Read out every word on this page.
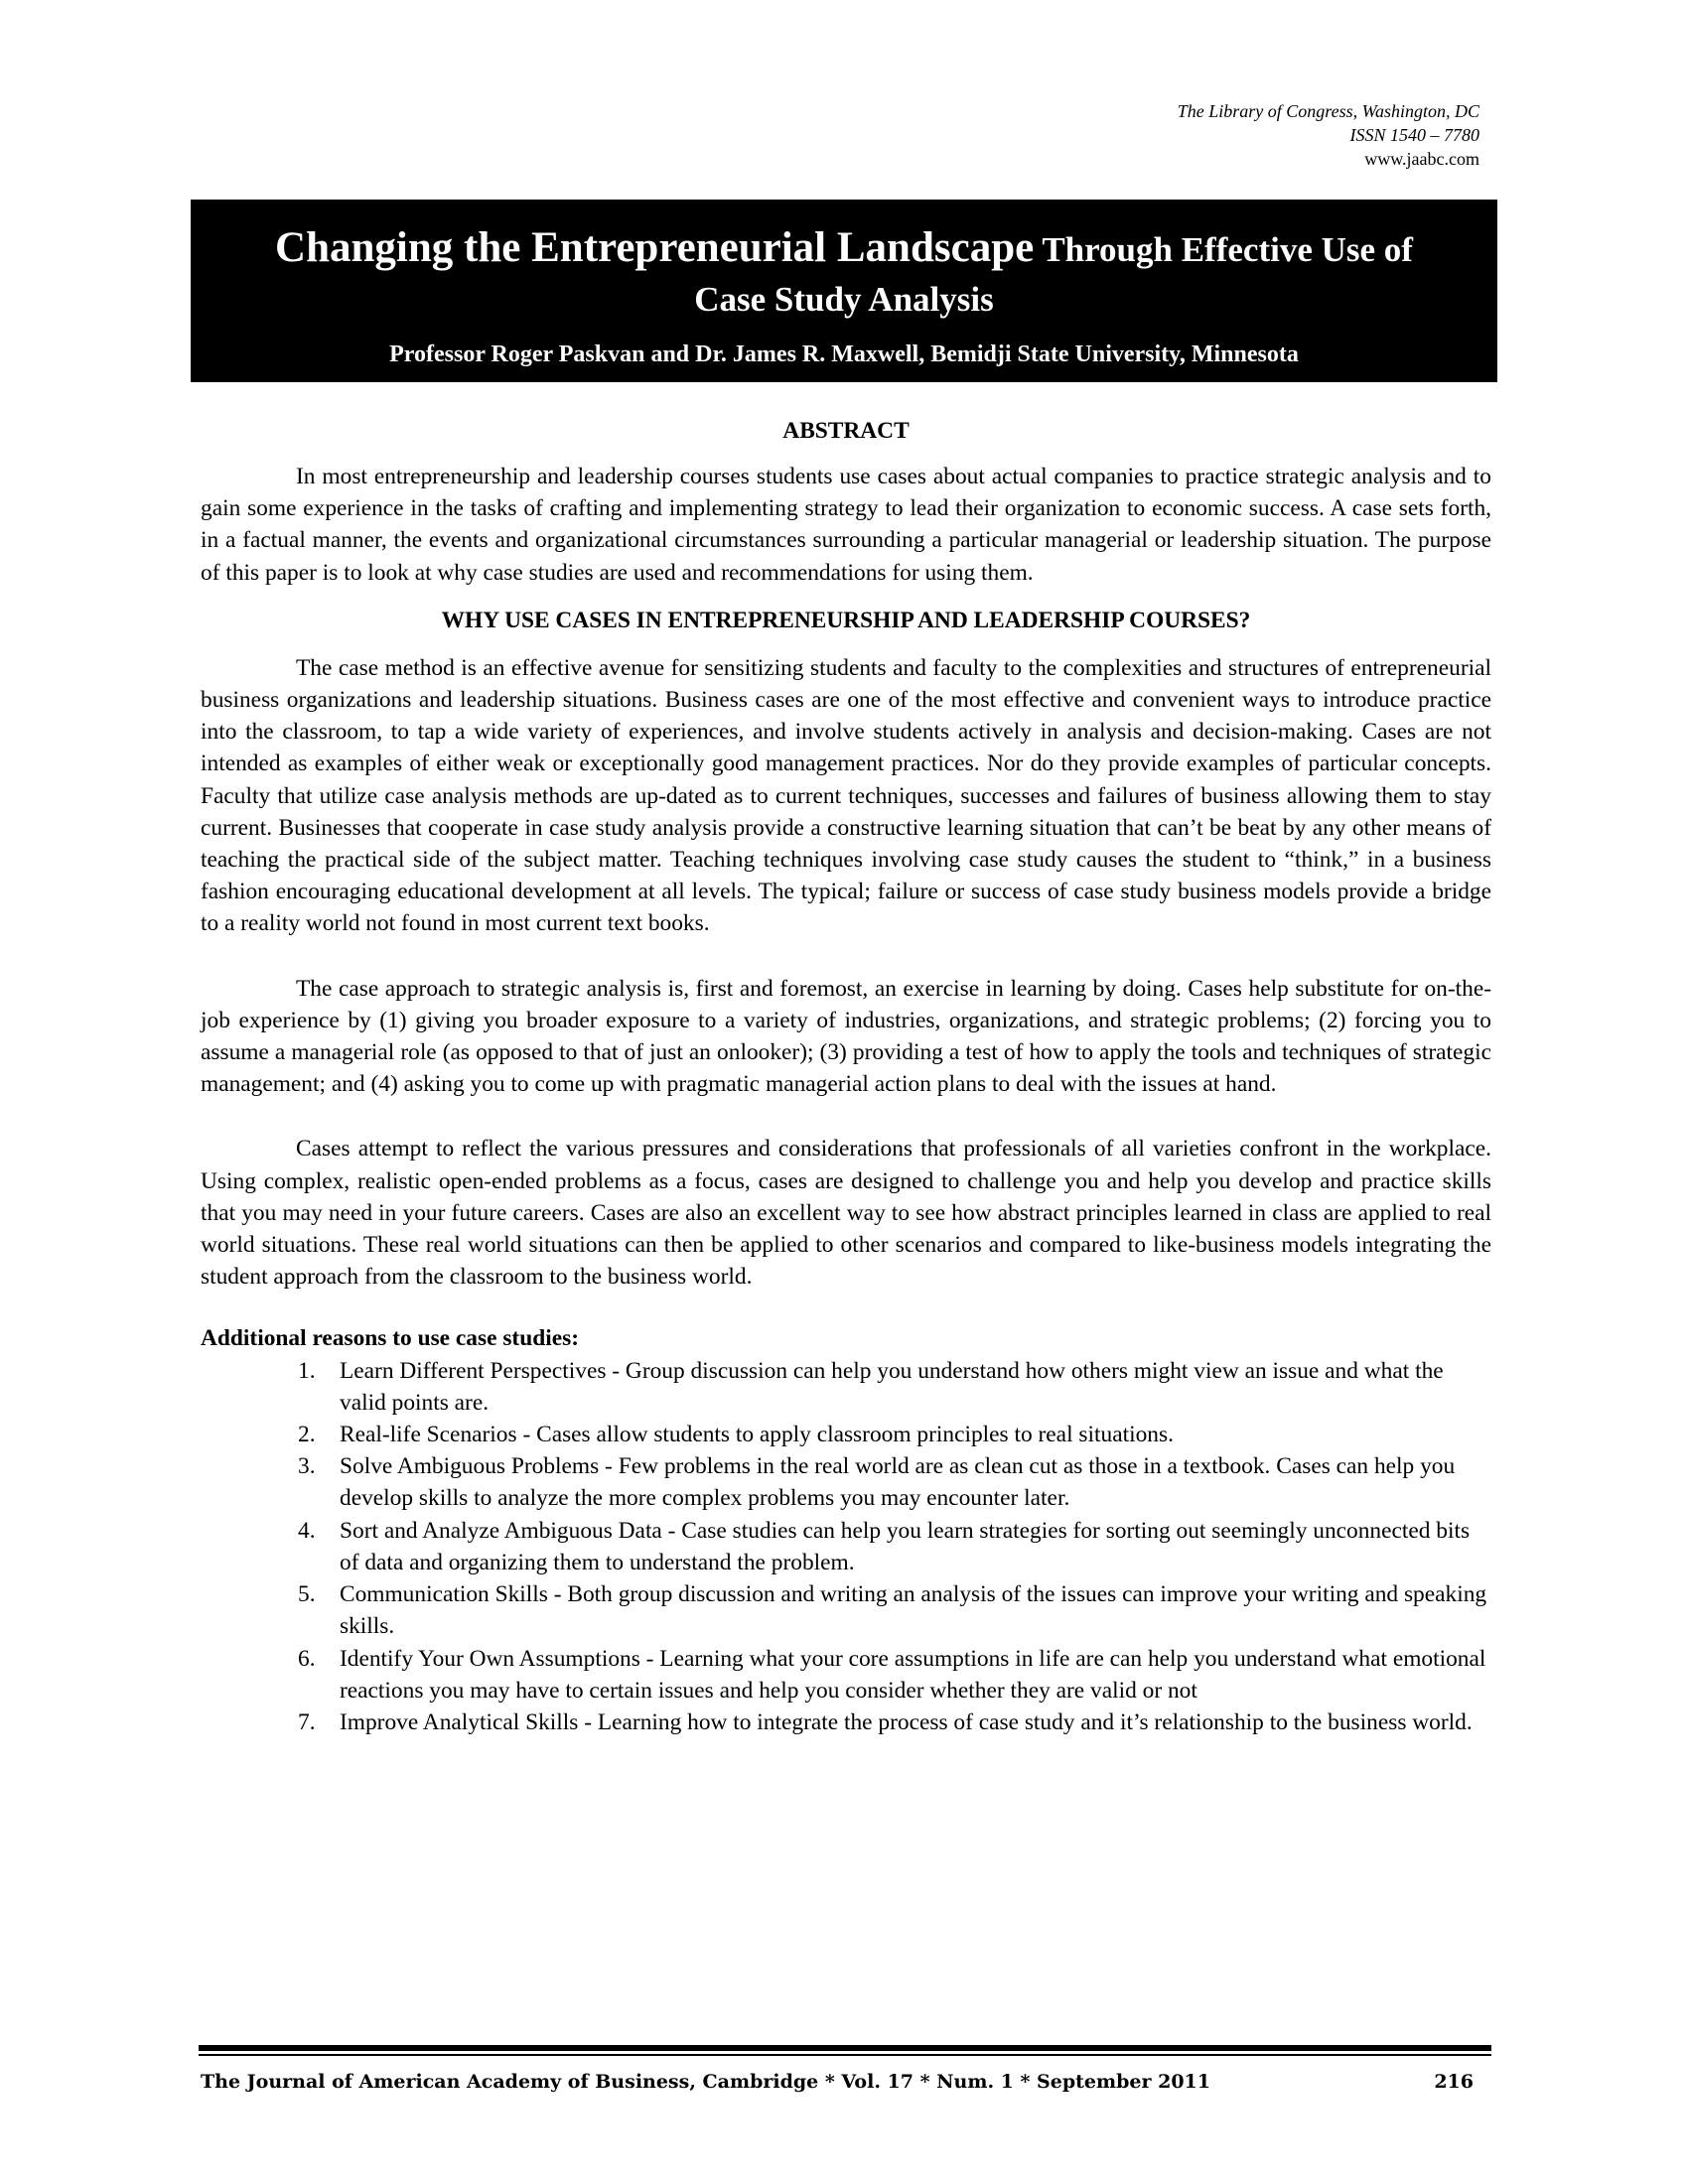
The Library of Congress, Washington, DC
ISSN 1540 – 7780
www.jaabc.com
Changing the Entrepreneurial Landscape Through Effective Use of Case Study Analysis
Professor Roger Paskvan and Dr. James R. Maxwell, Bemidji State University, Minnesota
ABSTRACT

In most entrepreneurship and leadership courses students use cases about actual companies to practice strategic analysis and to gain some experience in the tasks of crafting and implementing strategy to lead their organization to economic success. A case sets forth, in a factual manner, the events and organizational circumstances surrounding a particular managerial or leadership situation. The purpose of this paper is to look at why case studies are used and recommendations for using them.

WHY USE CASES IN ENTREPRENEURSHIP AND LEADERSHIP COURSES?

The case method is an effective avenue for sensitizing students and faculty to the complexities and structures of entrepreneurial business organizations and leadership situations. Business cases are one of the most effective and convenient ways to introduce practice into the classroom, to tap a wide variety of experiences, and involve students actively in analysis and decision-making. Cases are not intended as examples of either weak or exceptionally good management practices. Nor do they provide examples of particular concepts. Faculty that utilize case analysis methods are up-dated as to current techniques, successes and failures of business allowing them to stay current. Businesses that cooperate in case study analysis provide a constructive learning situation that can’t be beat by any other means of teaching the practical side of the subject matter. Teaching techniques involving case study causes the student to “think,” in a business fashion encouraging educational development at all levels. The typical; failure or success of case study business models provide a bridge to a reality world not found in most current text books.

The case approach to strategic analysis is, first and foremost, an exercise in learning by doing. Cases help substitute for on-the-job experience by (1) giving you broader exposure to a variety of industries, organizations, and strategic problems; (2) forcing you to assume a managerial role (as opposed to that of just an onlooker); (3) providing a test of how to apply the tools and techniques of strategic management; and (4) asking you to come up with pragmatic managerial action plans to deal with the issues at hand.

Cases attempt to reflect the various pressures and considerations that professionals of all varieties confront in the workplace. Using complex, realistic open-ended problems as a focus, cases are designed to challenge you and help you develop and practice skills that you may need in your future careers. Cases are also an excellent way to see how abstract principles learned in class are applied to real world situations. These real world situations can then be applied to other scenarios and compared to like-business models integrating the student approach from the classroom to the business world.

Additional reasons to use case studies:
1. Learn Different Perspectives - Group discussion can help you understand how others might view an issue and what the valid points are.
2. Real-life Scenarios - Cases allow students to apply classroom principles to real situations.
3. Solve Ambiguous Problems - Few problems in the real world are as clean cut as those in a textbook. Cases can help you develop skills to analyze the more complex problems you may encounter later.
4. Sort and Analyze Ambiguous Data - Case studies can help you learn strategies for sorting out seemingly unconnected bits of data and organizing them to understand the problem.
5. Communication Skills - Both group discussion and writing an analysis of the issues can improve your writing and speaking skills.
6. Identify Your Own Assumptions - Learning what your core assumptions in life are can help you understand what emotional reactions you may have to certain issues and help you consider whether they are valid or not
7. Improve Analytical Skills - Learning how to integrate the process of case study and it’s relationship to the business world.
The Journal of American Academy of Business, Cambridge * Vol. 17 * Num. 1 * September 2011	216
